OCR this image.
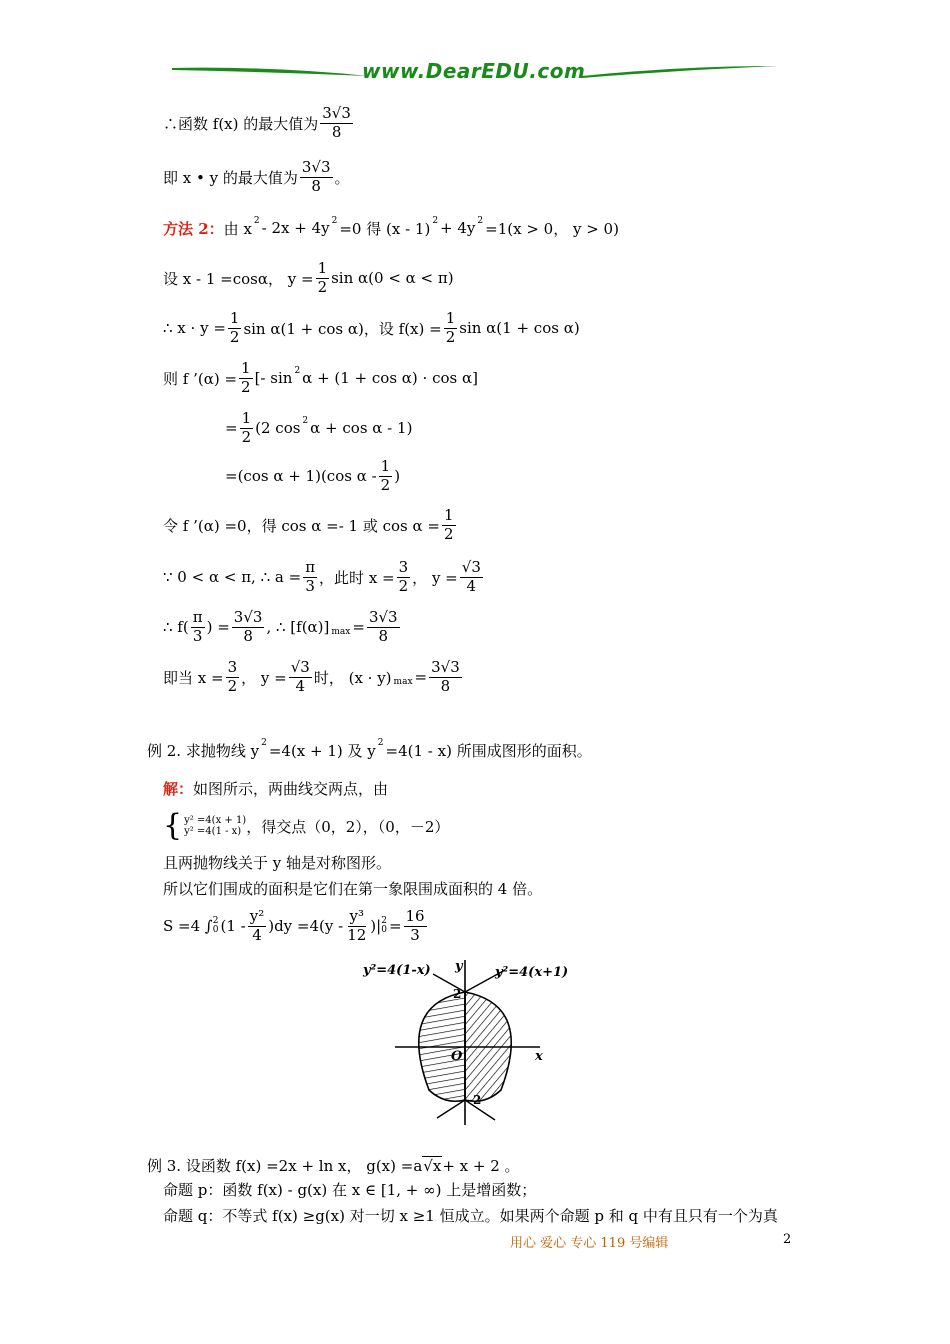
www.DearEDU.com
∴函数 f(x) 的最大值为 $\frac{3√3}{8}$
即 x • y 的最大值为 $\frac{3√3}{8}$ 。
方法 2： 由 x 2 - 2x + 4y 2 =0 得 (x - 1) 2 + 4y 2 =1(x > 0， y > 0)
设 x - 1 =cosα， $y = \frac{1}{2}$ sin α(0 < α < π)
∴ $x \cdot y = \frac{1}{2}$ sin α(1 + cos α)，设 $f(x) = \frac{1}{2}$ sin α(1 + cos α)
则 f ’(α) = $\frac{1}{2}$ [- sin 2 α + (1 + cos α) · cos α]
= $\frac{1}{2} (2$ cos 2 α + cos α - 1)
=(cos α + 1)(cos α - $\frac{1}{2}$ )
令 f ’(α) =0，得 cos α =- 1 或 $\cos \alpha = \frac{1}{2}$
∵ 0 < α < π, ∴ $a = \frac{\pi}{3}$ ，此时 $x = \frac{3}{2}$ ， $y = \frac{√3}{4}$
∴ $f( \frac{\pi}{3}$ ) = $\frac{3√3}{8}$ , ∴ [f(α)] $\max = \frac{3√3}{8}$
即当 $x = \frac{3}{2}$ ， $y = \frac{√3}{4}$ 时， (x · y) $\max = \frac{3√3}{8}$
例 2. 求抛物线 y 2 =4(x + 1) 及 y 2 =4(1 - x) 所围成图形的面积。
解： 如图所示，两曲线交两点，由
{ y² =4(x + 1)
y² =4(1 - x) ，得交点（0，2），（0，－2）
且两抛物线关于 y 轴是对称图形。
所以它们围成的面积是它们在第一象限围成面积的 4 倍。
S =4 ∫ 2
0 $(1 - \frac{\text{y²}}{4} )dy =4(y - \frac{\text{y³}}{12}$ )| 2
$0 = \frac{16}{3}$
y²=4(1-x)	y²=4(x+1)
y
x
O
2
-2
例 3. 设函数 f(x) =2x + ln x， g(x) =a √x + x + 2 。
命题 p：函数 f(x) - g(x) 在 x ∈ [1, + ∞) 上是增函数；
命题 q：不等式 f(x) ≥g(x) 对一切 x ≥1 恒成立。如果两个命题 p 和 q 中有且只有一个为真
用心 爱心 专心 119 号编辑	2
